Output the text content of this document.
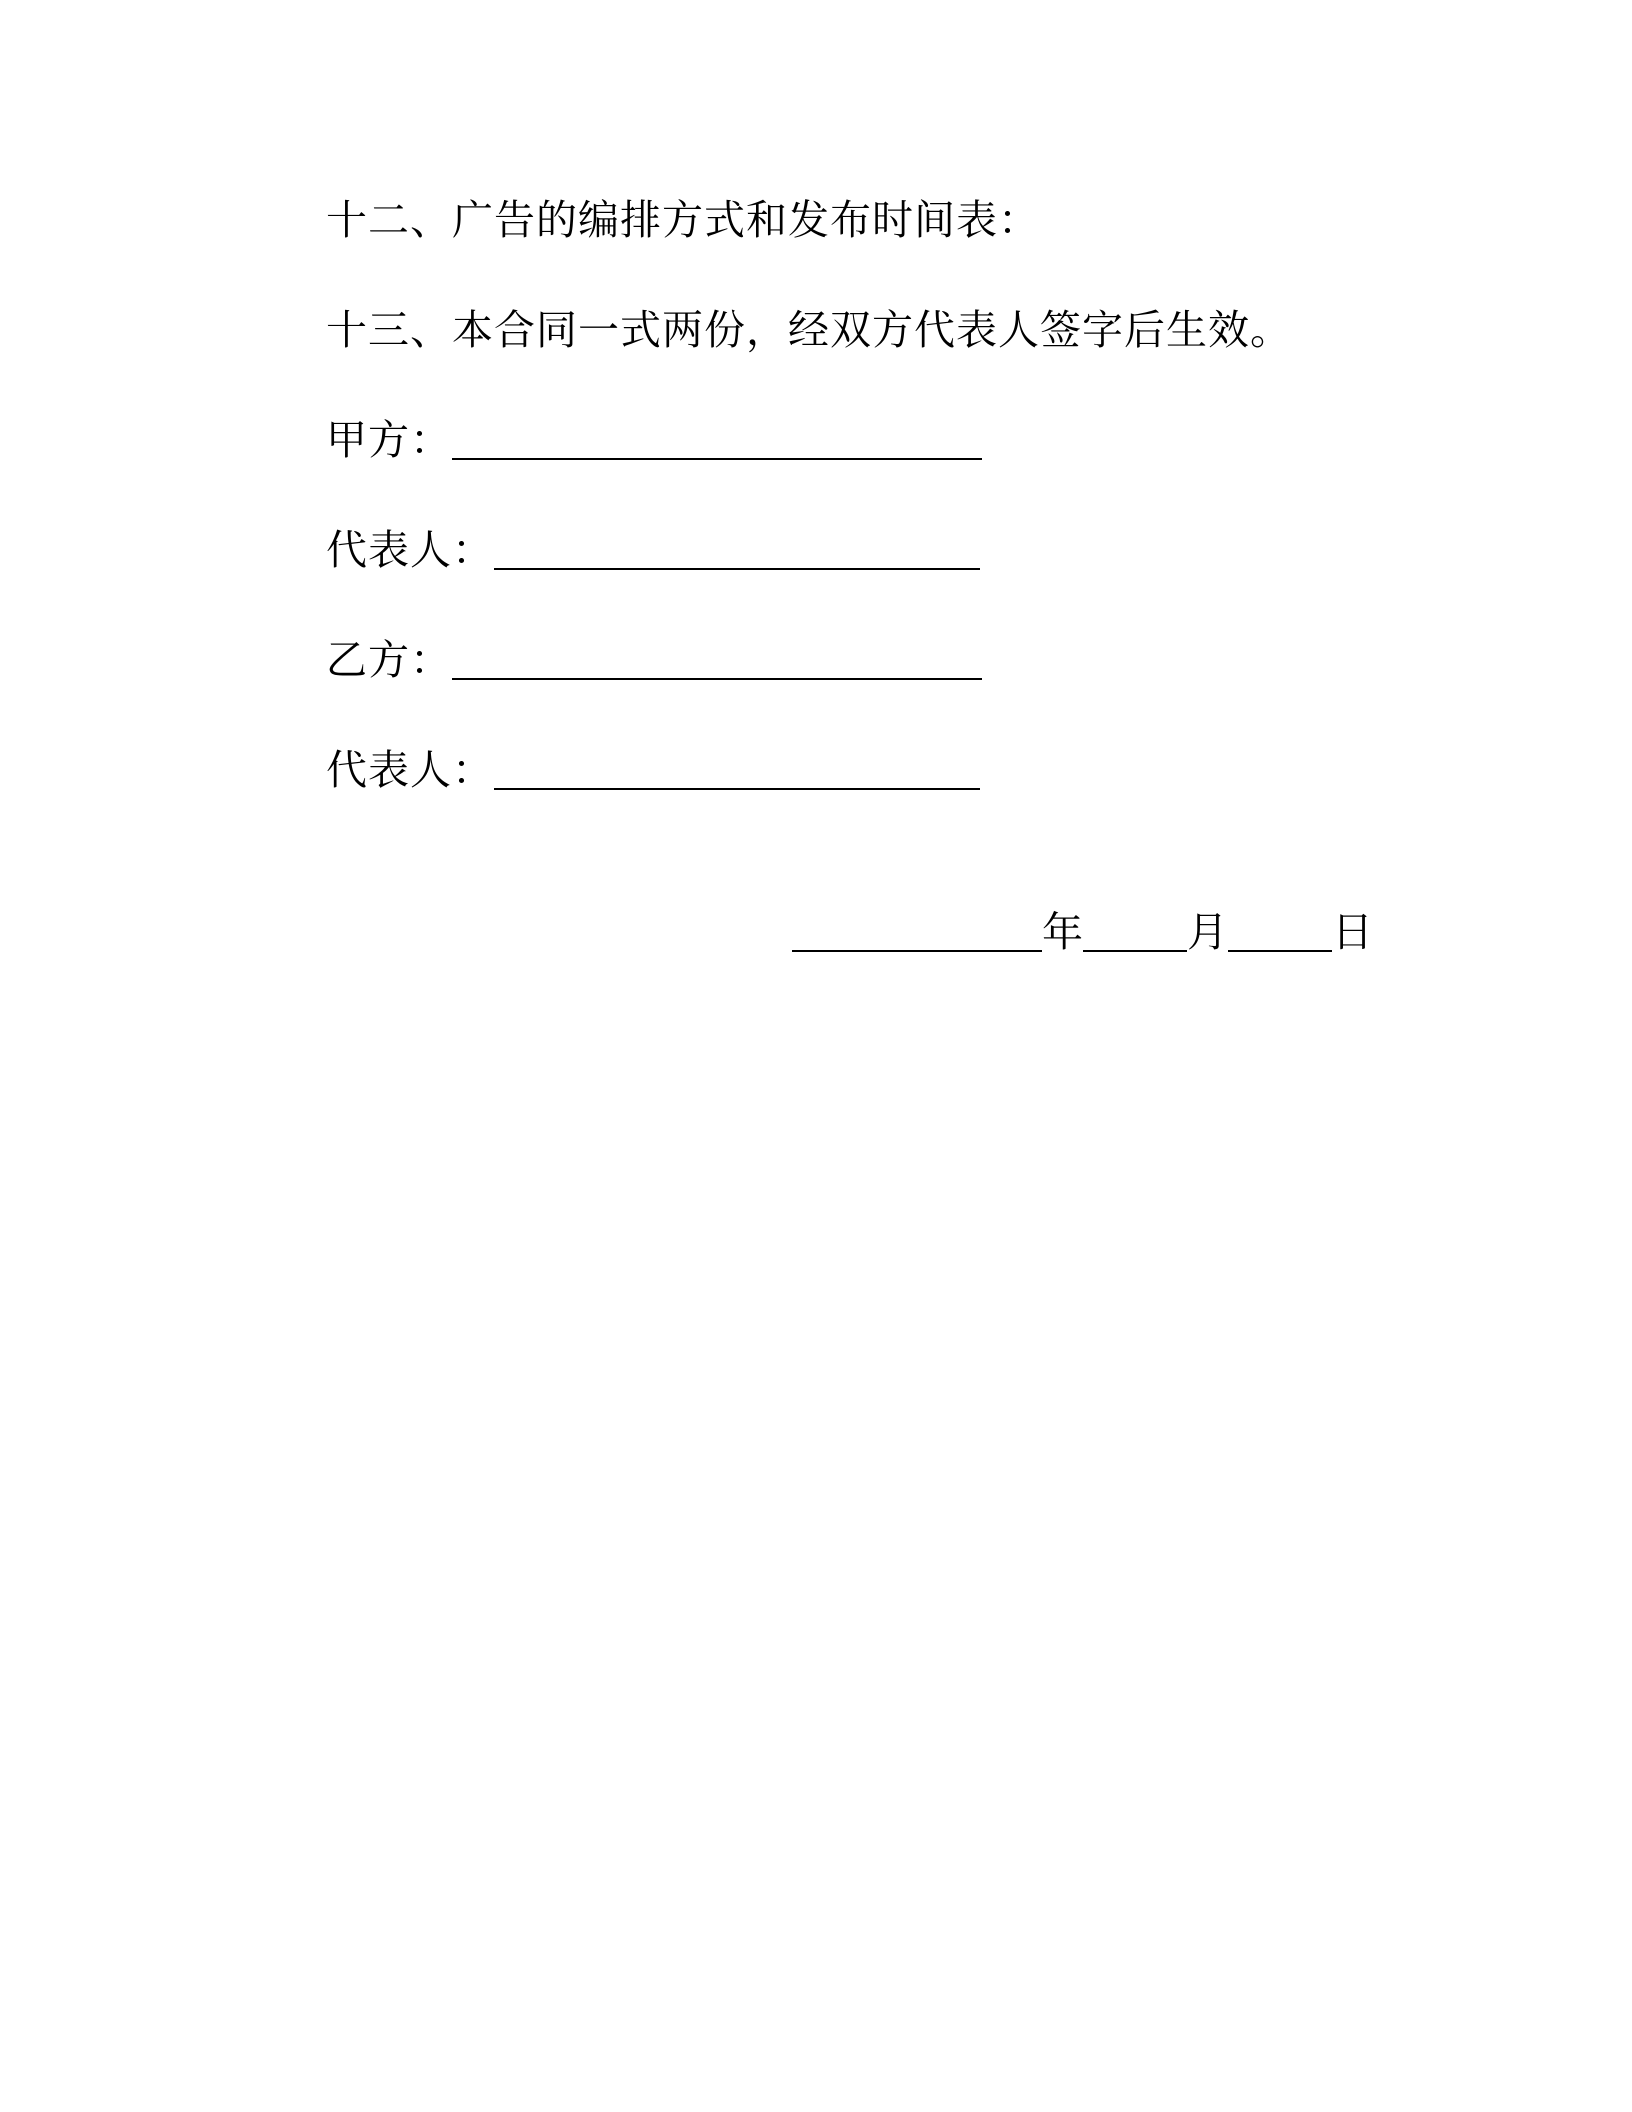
十二、广告的编排方式和发布时间表：
十三、本合同一式两份，经双方代表人签字后生效。
甲方：
代表人：
乙方：
代表人：
年	月	日
